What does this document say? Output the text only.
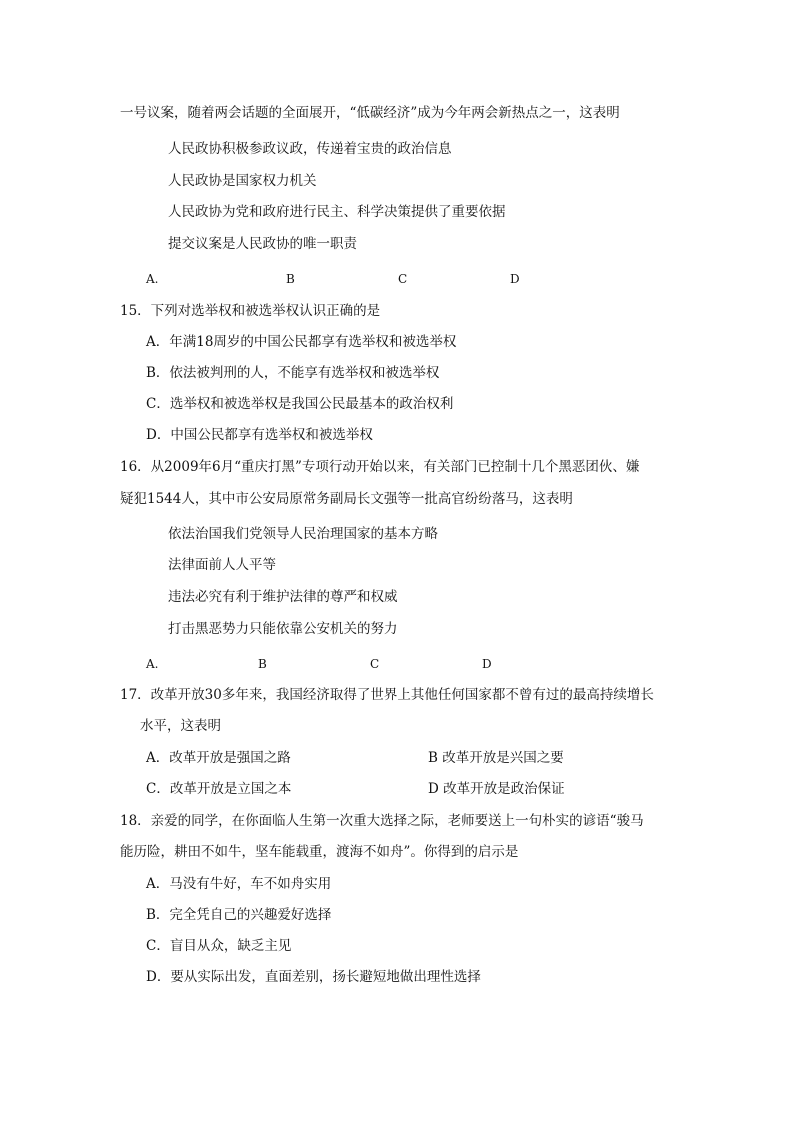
一号议案，随着两会话题的全面展开，“低碳经济”成为今年两会新热点之一，这表明
人民政协积极参政议政，传递着宝贵的政治信息
人民政协是国家权力机关
人民政协为党和政府进行民主、科学决策提供了重要依据
提交议案是人民政协的唯一职责
A.	B	C	D
15．下列对选举权和被选举权认识正确的是
A．年满18周岁的中国公民都享有选举权和被选举权
B．依法被判刑的人，不能享有选举权和被选举权
C．选举权和被选举权是我国公民最基本的政治权利
D．中国公民都享有选举权和被选举权
16．从2009年6月“重庆打黑”专项行动开始以来，有关部门已控制十几个黑恶团伙、嫌
疑犯1544人，其中市公安局原常务副局长文强等一批高官纷纷落马，这表明
依法治国我们党领导人民治理国家的基本方略
法律面前人人平等
违法必究有利于维护法律的尊严和权威
打击黑恶势力只能依靠公安机关的努力
A.	B	C	D
17．改革开放30多年来，我国经济取得了世界上其他任何国家都不曾有过的最高持续增长
水平，这表明
A．改革开放是强国之路	B 改革开放是兴国之要
C．改革开放是立国之本	D 改革开放是政治保证
18．亲爱的同学，在你面临人生第一次重大选择之际，老师要送上一句朴实的谚语“骏马
能历险，耕田不如牛，坚车能载重，渡海不如舟”。你得到的启示是
A．马没有牛好，车不如舟实用
B．完全凭自己的兴趣爱好选择
C．盲目从众，缺乏主见
D．要从实际出发，直面差别，扬长避短地做出理性选择
